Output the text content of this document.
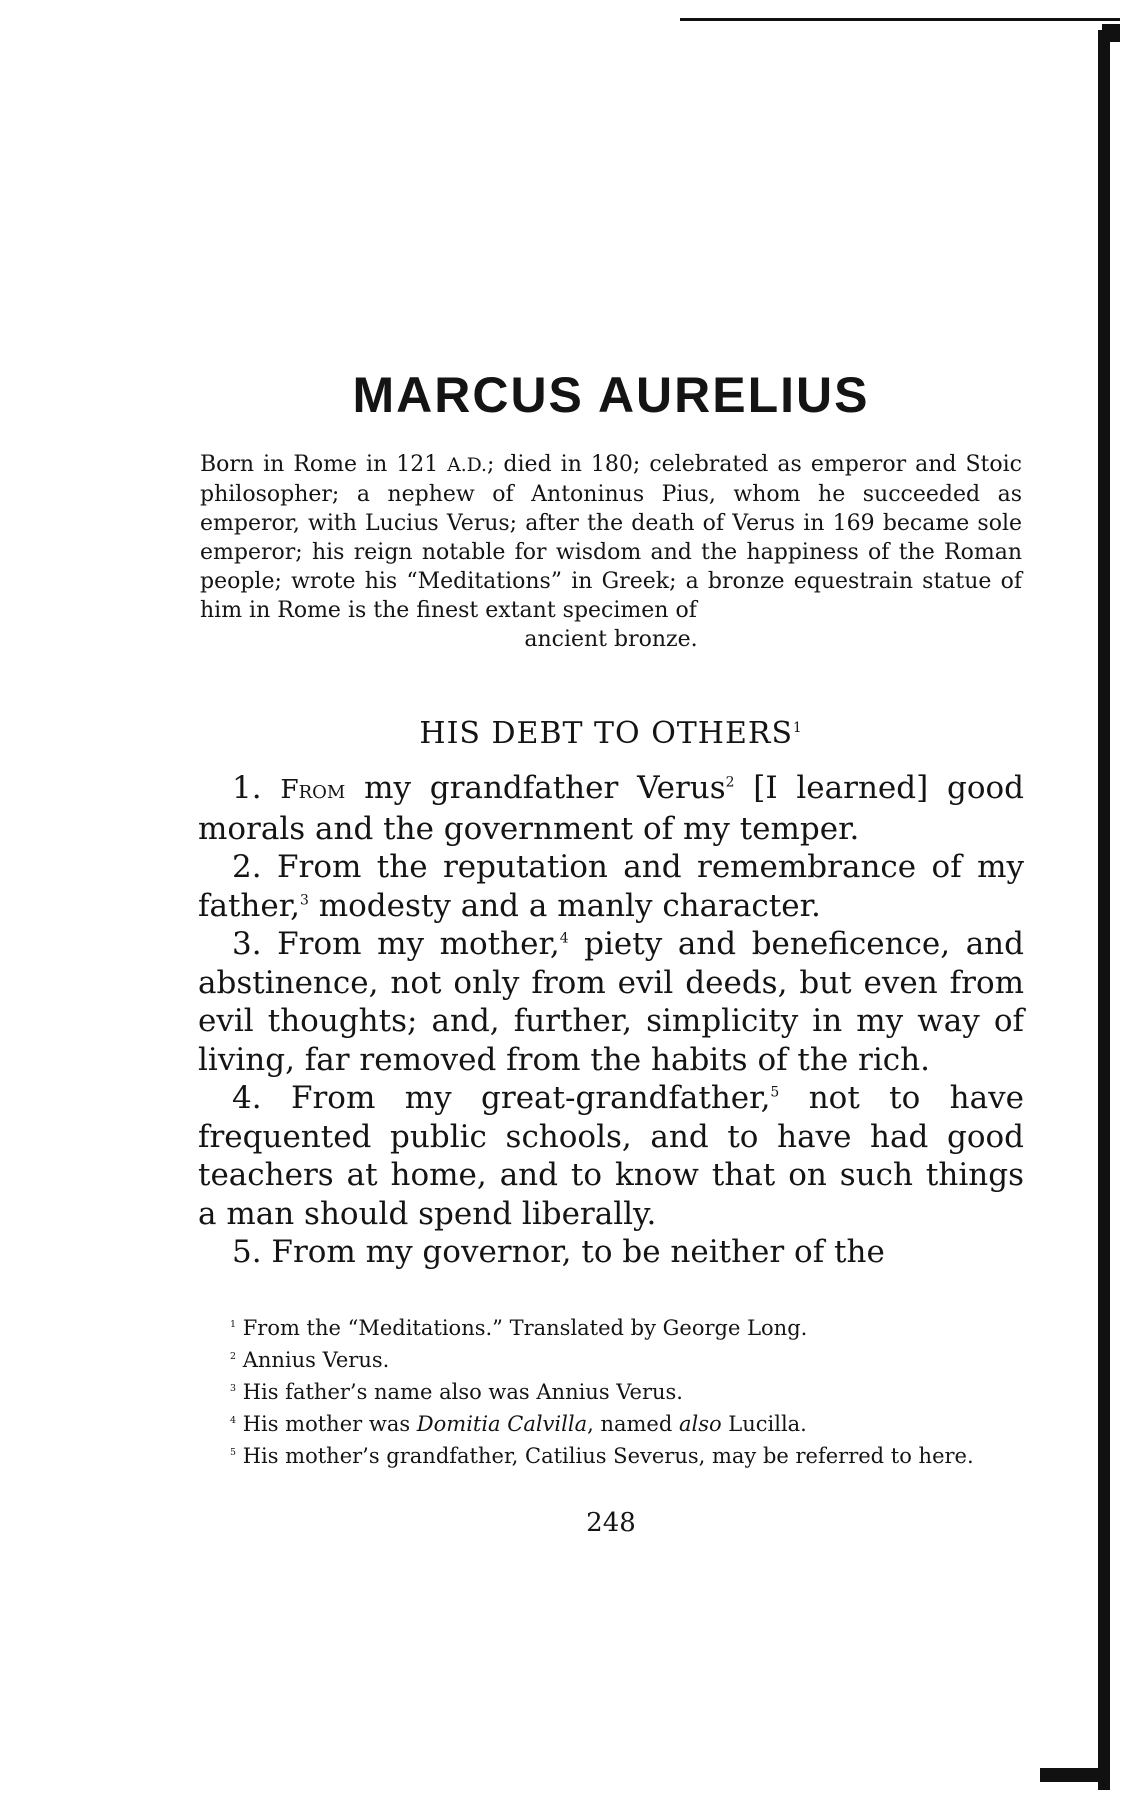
MARCUS AURELIUS

Born in Rome in 121 A.D.; died in 180; celebrated as emperor and Stoic philosopher; a nephew of Antoninus Pius, whom he succeeded as emperor, with Lucius Verus; after the death of Verus in 169 became sole emperor; his reign notable for wisdom and the happiness of the Roman people; wrote his “Meditations” in Greek; a bronze equestrain statue of him in Rome is the finest extant specimen of
ancient bronze.

HIS DEBT TO OTHERS$^1$

1. From my grandfather Verus$^2$ [I learned] good morals and the government of my temper.

2. From the reputation and remembrance of my father,$^3$ modesty and a manly character.

3. From my mother,$^4$ piety and beneficence, and abstinence, not only from evil deeds, but even from evil thoughts; and, further, simplicity in my way of living, far removed from the habits of the rich.

4. From my great-grandfather,$^5$ not to have frequented public schools, and to have had good teachers at home, and to know that on such things a man should spend liberally.

5. From my governor, to be neither of the

$^1$ From the “Meditations.” Translated by George Long.

$^2$ Annius Verus.

$^3$ His father’s name also was Annius Verus.

$^4$ His mother was Domitia Calvilla, named also Lucilla.

$^5$ His mother’s grandfather, Catilius Severus, may be referred to here.

248
